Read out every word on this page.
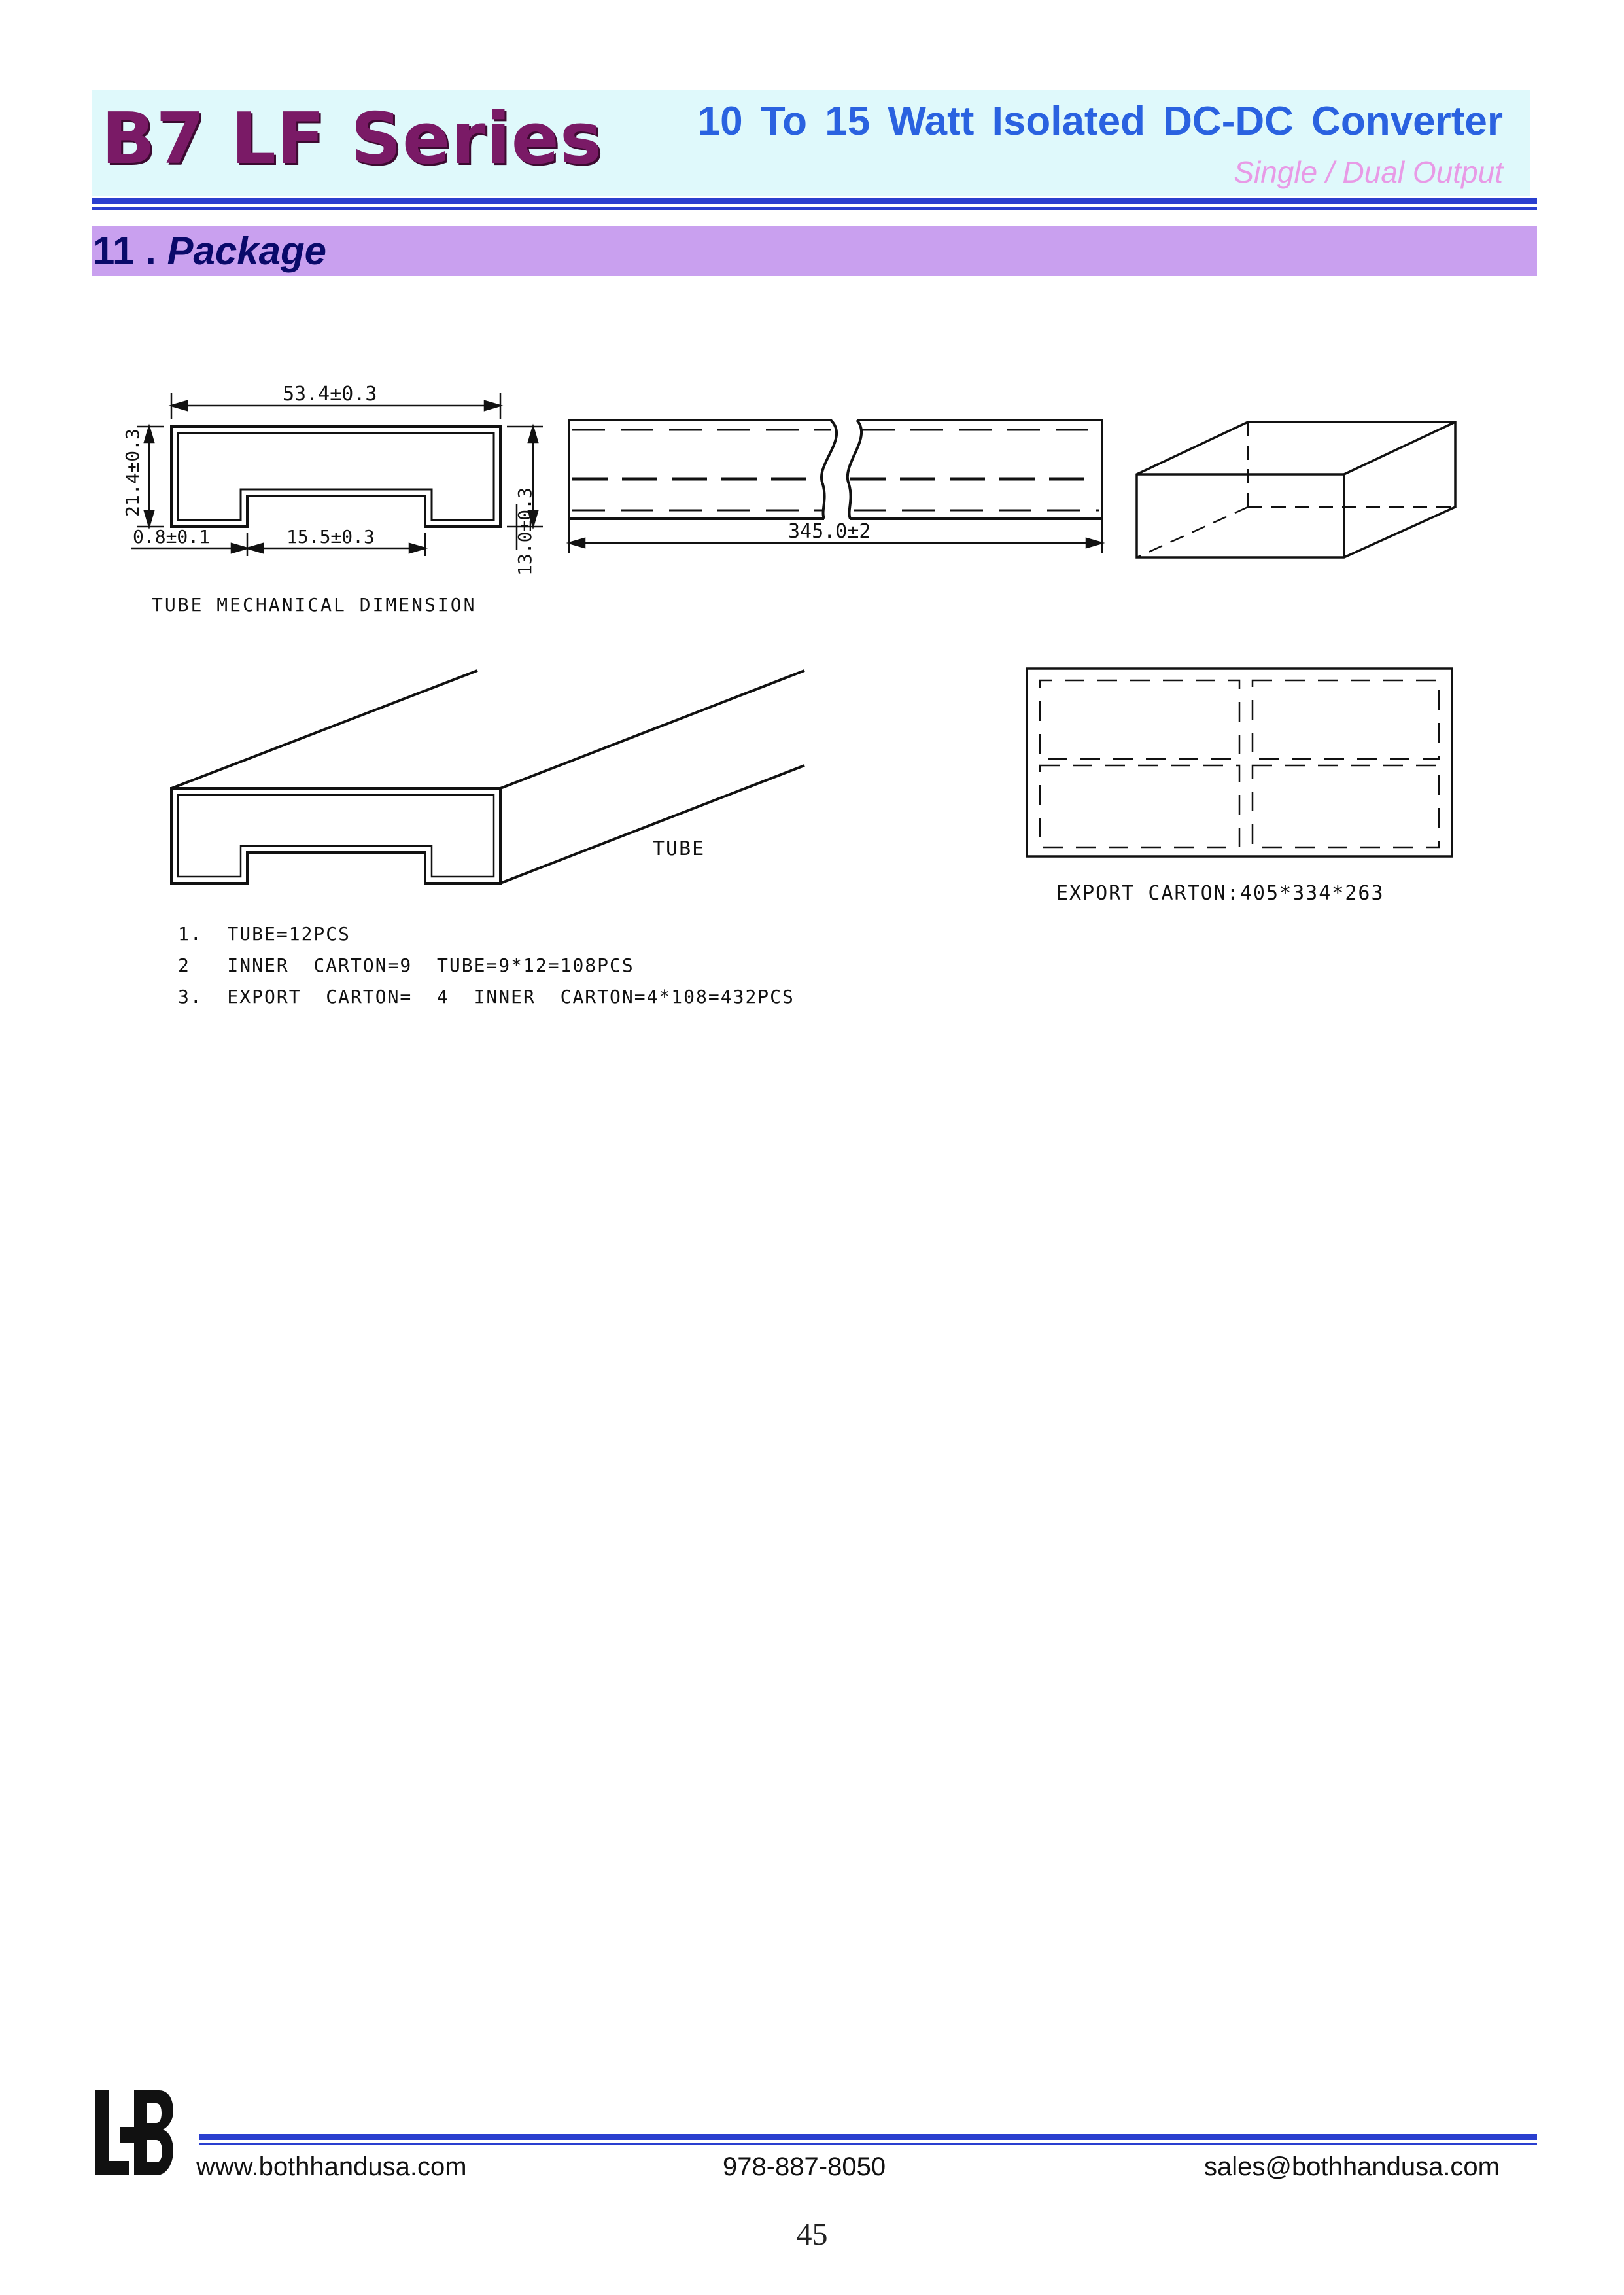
B7 LF Series 10 To 15 Watt Isolated DC-DC Converter
Single / Dual Output
11 . Package
53.4±0.3
21.4±0.3
13.0±0.3
0.8±0.1	15.5±0.3
TUBE MECHANICAL DIMENSION
345.0±2
TUBE
EXPORT CARTON:405*334*263
1.  TUBE=12PCS
2   INNER  CARTON=9  TUBE=9*12=108PCS
3.  EXPORT  CARTON=  4  INNER  CARTON=4*108=432PCS
www.bothhandusa.com	978-887-8050	sales@bothhandusa.com
45
